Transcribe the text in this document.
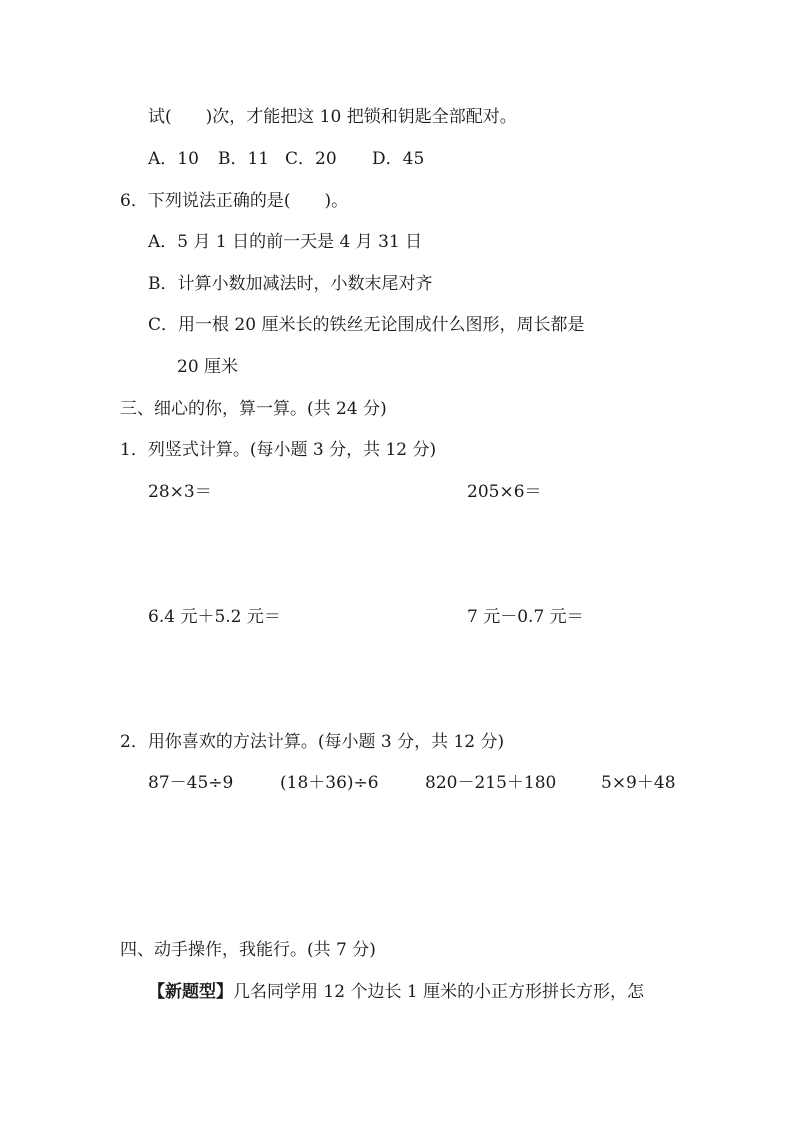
试(　　)次，才能把这 10 把锁和钥匙全部配对。
A．10 B．11 C．20 D．45
6．下列说法正确的是(　　)。
A．5 月 1 日的前一天是 4 月 31 日
B．计算小数加减法时，小数末尾对齐
C．用一根 20 厘米长的铁丝无论围成什么图形，周长都是
20 厘米
三、细心的你，算一算。(共 24 分)
1．列竖式计算。(每小题 3 分，共 12 分)
28×3＝	205×6＝
6.4 元＋5.2 元＝	7 元－0.7 元＝
2．用你喜欢的方法计算。(每小题 3 分，共 12 分)
87－45÷9	(18＋36)÷6	820－215＋180	5×9＋48
四、动手操作，我能行。(共 7 分)
【新题型】几名同学用 12 个边长 1 厘米的小正方形拼长方形，怎
